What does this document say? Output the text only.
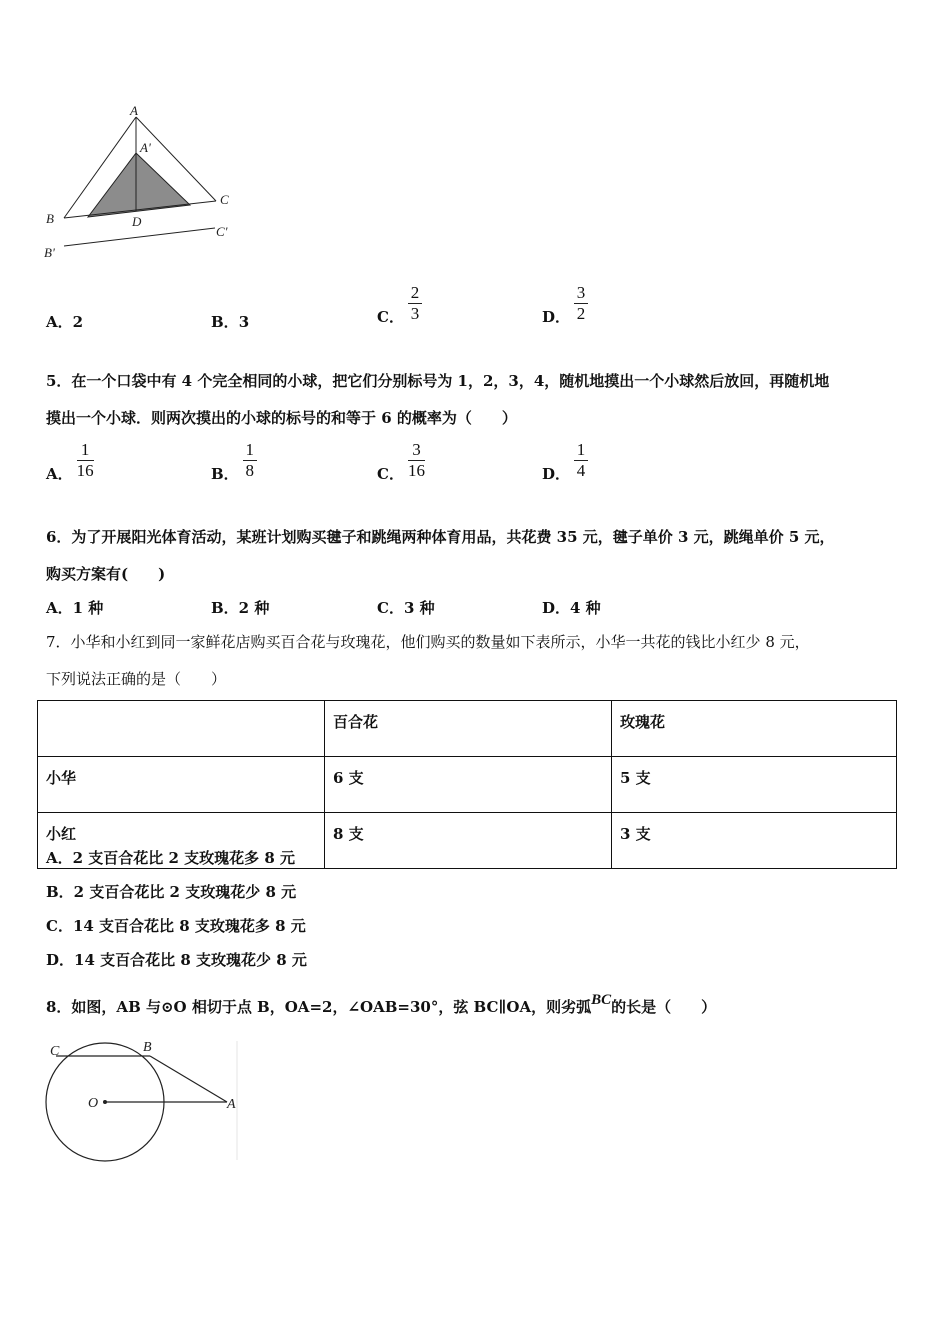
A
A'
B	D
C
C'
B'
A．2	B．3	C． $\frac{2}{3}$	D． $\frac{3}{2}$
5．在一个口袋中有 4 个完全相同的小球，把它们分别标号为 1，2，3，4，随机地摸出一个小球然后放回，再随机地
摸出一个小球．则两次摸出的小球的标号的和等于 6 的概率为（　　）
A． $\frac{1}{16}$	B． $\frac{1}{8}$	C． $\frac{3}{16}$	D． $\frac{1}{4}$
6．为了开展阳光体育活动，某班计划购买毽子和跳绳两种体育用品，共花费 35 元，毽子单价 3 元，跳绳单价 5 元，
购买方案有(　　)
A．1 种	B．2 种	C．3 种	D．4 种
7．小华和小红到同一家鲜花店购买百合花与玫瑰花，他们购买的数量如下表所示，小华一共花的钱比小红少 8 元，
下列说法正确的是（　　）
	百合花	玫瑰花
小华	6 支	5 支
小红	8 支	3 支
A．2 支百合花比 2 支玫瑰花多 8 元
B．2 支百合花比 2 支玫瑰花少 8 元
C．14 支百合花比 8 支玫瑰花多 8 元
D．14 支百合花比 8 支玫瑰花少 8 元
8．如图，AB 与⊙O 相切于点 B，OA=2，∠OAB=30°，弦 BC∥OA，则劣弧BC的长是（　　）
C	B
O	A
